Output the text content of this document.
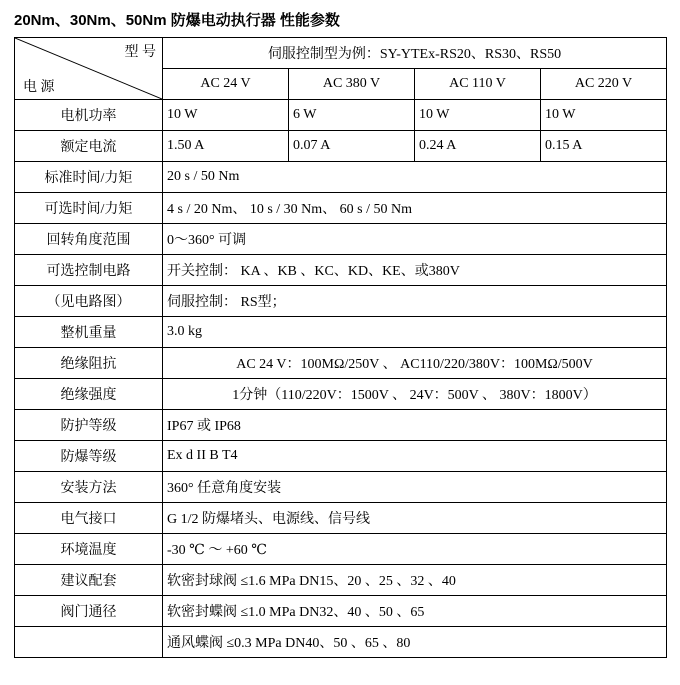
20Nm、30Nm、50Nm 防爆电动执行器 性能参数
型 号
电 源	伺服控制型为例：SY-YTEx-RS20、RS30、RS50			
	AC 24 V	AC 380 V	AC 110 V	AC 220 V
电机功率	10 W	6 W	10 W	10 W
额定电流	1.50 A	0.07 A	0.24 A	0.15 A
标准时间/力矩	20 s / 50 Nm			
可选时间/力矩	4 s / 20 Nm、 10 s / 30 Nm、 60 s / 50 Nm			
回转角度范围	0～360° 可调			
可选控制电路	开关控制： KA 、KB 、KC、KD、KE、或380V			
（见电路图）	伺服控制： RS型；			
整机重量	3.0 kg			
绝缘阻抗	AC 24 V：100MΩ/250V 、 AC110/220/380V：100MΩ/500V			
绝缘强度	1分钟（110/220V：1500V 、 24V：500V 、 380V：1800V）			
防护等级	IP67 或 IP68			
防爆等级	Ex d II B T4			
安装方法	360° 任意角度安装			
电气接口	G 1/2 防爆堵头、电源线、信号线			
环境温度	-30 ℃ ～ +60 ℃			
建议配套	软密封球阀 ≤1.6 MPa DN15、20 、25 、32 、40			
阀门通径	软密封蝶阀 ≤1.0 MPa DN32、40 、50 、65			
	通风蝶阀 ≤0.3 MPa DN40、50 、65 、80			
